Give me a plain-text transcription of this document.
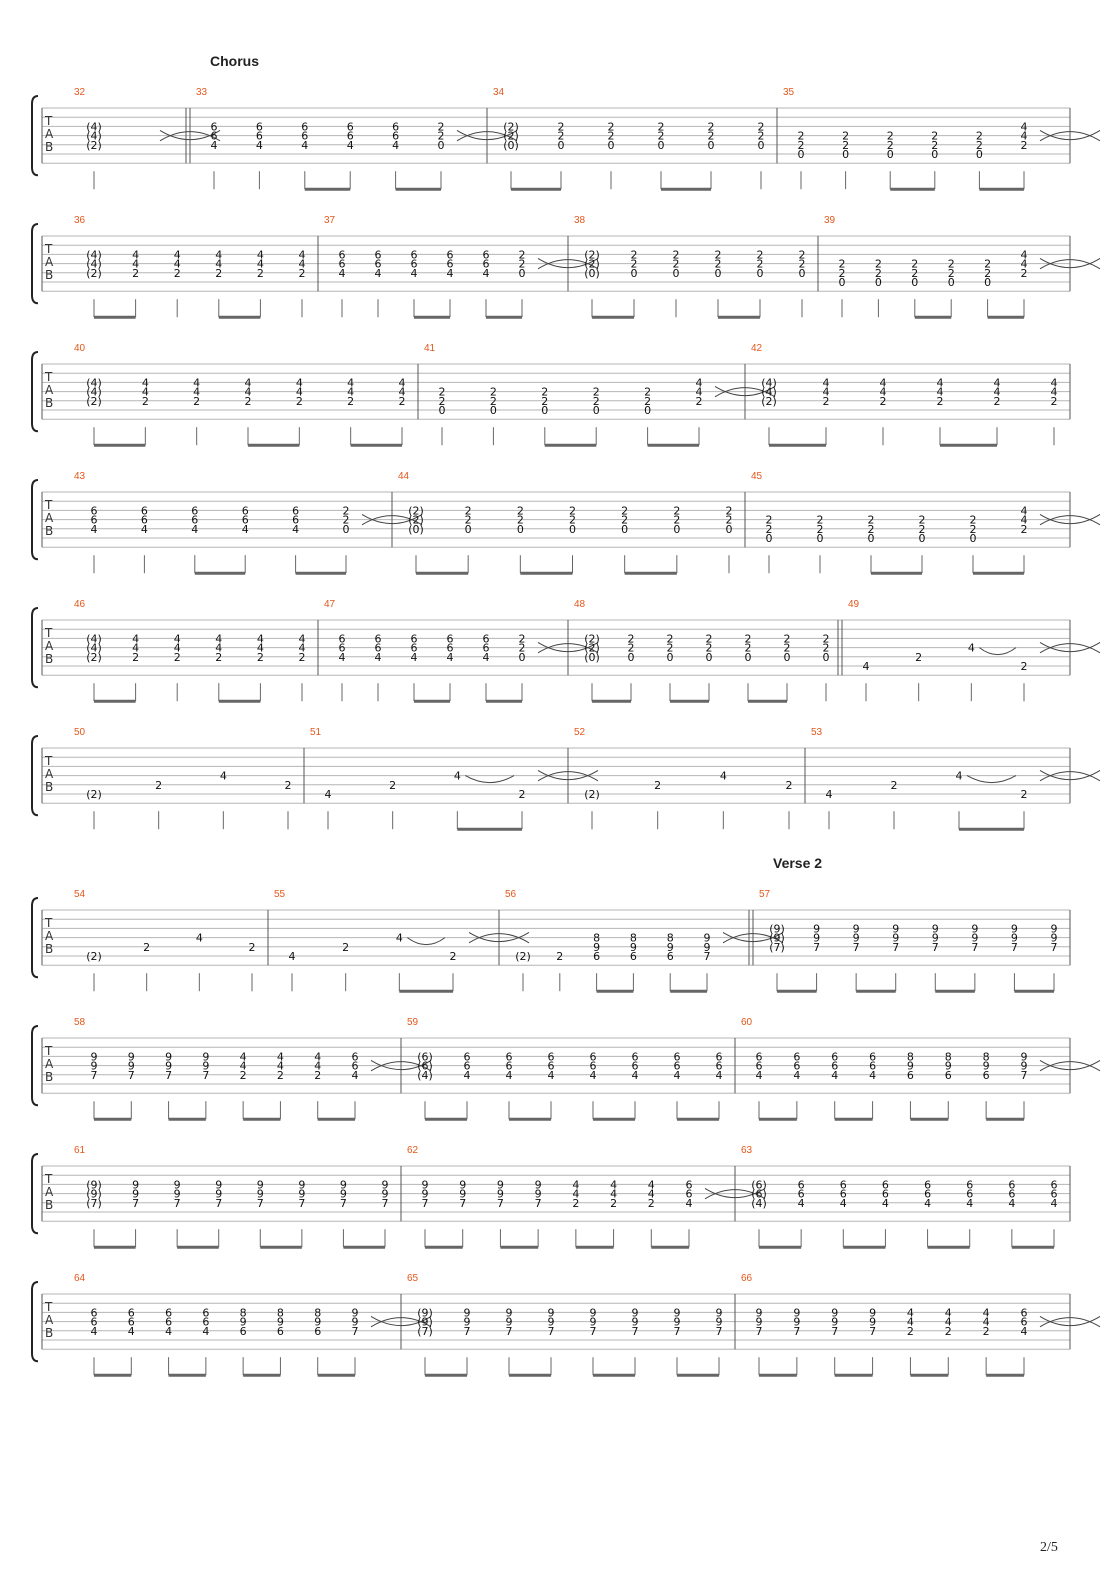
T
A
B
32
(4)
(4)
(2)
33
Chorus
6
6
4
6
6
4
6
6
4
6
6
4
6
6
4
2
2
0
34
(2)
(2)
(0)
2
2
0
2
2
0
2
2
0
2
2
0
2
2
0
35
2
2
0
2
2
0
2
2
0
2
2
0
2
2
0
4
4
2
T
A
B
36
(4)
(4)
(2)
4
4
2
4
4
2
4
4
2
4
4
2
4
4
2
37
6
6
4
6
6
4
6
6
4
6
6
4
6
6
4
2
2
0
38
(2)
(2)
(0)
2
2
0
2
2
0
2
2
0
2
2
0
2
2
0
39
2
2
0
2
2
0
2
2
0
2
2
0
2
2
0
4
4
2
T
A
B
40
(4)
(4)
(2)
4
4
2
4
4
2
4
4
2
4
4
2
4
4
2
4
4
2
41
2
2
0
2
2
0
2
2
0
2
2
0
2
2
0
4
4
2
42
(4)
(4)
(2)
4
4
2
4
4
2
4
4
2
4
4
2
4
4
2
T
A
B
43
6
6
4
6
6
4
6
6
4
6
6
4
6
6
4
2
2
0
44
(2)
(2)
(0)
2
2
0
2
2
0
2
2
0
2
2
0
2
2
0
2
2
0
45
2
2
0
2
2
0
2
2
0
2
2
0
2
2
0
4
4
2
T
A
B
46
(4)
(4)
(2)
4
4
2
4
4
2
4
4
2
4
4
2
4
4
2
47
6
6
4
6
6
4
6
6
4
6
6
4
6
6
4
2
2
0
48
(2)
(2)
(0)
2
2
0
2
2
0
2
2
0
2
2
0
2
2
0
2
2
0
49
4
2
4
2
T
A
B
50
(2)
2
4
2
51
4
2
4
2
52
(2)
2
4
2
53
4
2
4
2
T
A
B
54
(2)
2
4
2
55
4
2
4
2
56
(2) 2
8
9
6
8
9
6
8
9
6
9
9
7
57
Verse 2
(9)
(9)
(7)
9
9
7
9
9
7
9
9
7
9
9
7
9
9
7
9
9
7
9
9
7
T
A
B
58
9
9
7
9
9
7
9
9
7
9
9
7
4
4
2
4
4
2
4
4
2
6
6
4
59
(6)
(6)
(4)
6
6
4
6
6
4
6
6
4
6
6
4
6
6
4
6
6
4
6
6
4
60
6
6
4
6
6
4
6
6
4
6
6
4
8
9
6
8
9
6
8
9
6
9
9
7
T
A
B
61
(9)
(9)
(7)
9
9
7
9
9
7
9
9
7
9
9
7
9
9
7
9
9
7
9
9
7
62
9
9
7
9
9
7
9
9
7
9
9
7
4
4
2
4
4
2
4
4
2
6
6
4
63
(6)
(6)
(4)
6
6
4
6
6
4
6
6
4
6
6
4
6
6
4
6
6
4
6
6
4
T
A
B
64
6
6
4
6
6
4
6
6
4
6
6
4
8
9
6
8
9
6
8
9
6
9
9
7
65
(9)
(9)
(7)
9
9
7
9
9
7
9
9
7
9
9
7
9
9
7
9
9
7
9
9
7
66
9
9
7
9
9
7
9
9
7
9
9
7
4
4
2
4
4
2
4
4
2
6
6
4
2/5
